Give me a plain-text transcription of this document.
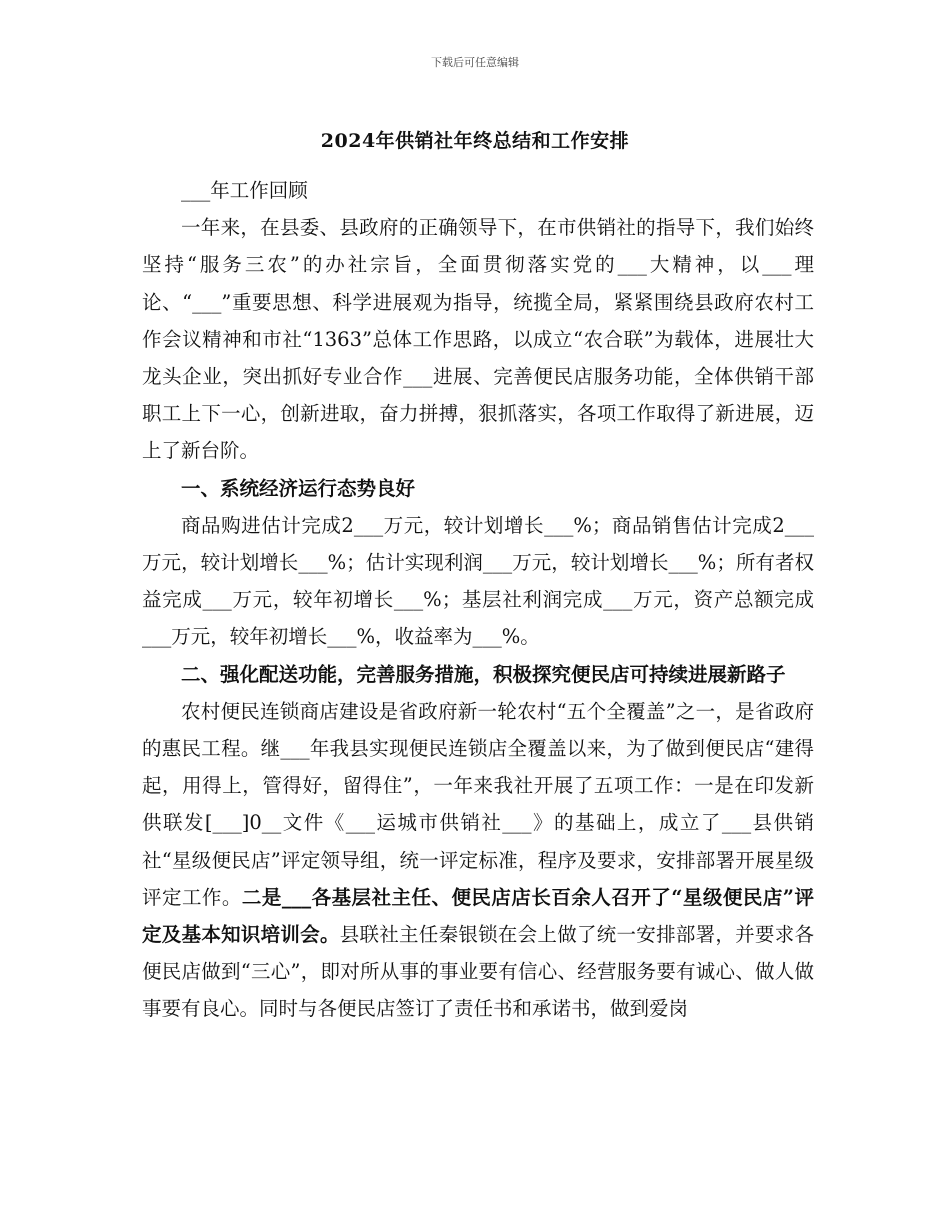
下载后可任意编辑
2024年供销社年终总结和工作安排

___年工作回顾

一年来，在县委、县政府的正确领导下，在市供销社的指导下，我们始终坚持“服务三农”的办社宗旨，全面贯彻落实党的___大精神，以___理论、“___”重要思想、科学进展观为指导，统揽全局，紧紧围绕县政府农村工作会议精神和市社“1363”总体工作思路，以成立“农合联”为载体，进展壮大龙头企业，突出抓好专业合作___进展、完善便民店服务功能，全体供销干部职工上下一心，创新进取，奋力拼搏，狠抓落实，各项工作取得了新进展，迈上了新台阶。

一、系统经济运行态势良好

商品购进估计完成2___万元，较计划增长___%；商品销售估计完成2___万元，较计划增长___%；估计实现利润___万元，较计划增长___%；所有者权益完成___万元，较年初增长___%；基层社利润完成___万元，资产总额完成___万元，较年初增长___%，收益率为___%。

二、强化配送功能，完善服务措施，积极探究便民店可持续进展新路子

农村便民连锁商店建设是省政府新一轮农村“五个全覆盖”之一，是省政府的惠民工程。继___年我县实现便民连锁店全覆盖以来，为了做到便民店“建得起，用得上，管得好，留得住”，一年来我社开展了五项工作：一是在印发新供联发[___]0__文件《___运城市供销社___》的基础上，成立了___县供销社“星级便民店”评定领导组，统一评定标准，程序及要求，安排部署开展星级评定工作。二是___各基层社主任、便民店店长百余人召开了“星级便民店”评定及基本知识培训会。县联社主任秦银锁在会上做了统一安排部署，并要求各便民店做到“三心”，即对所从事的事业要有信心、经营服务要有诚心、做人做事要有良心。同时与各便民店签订了责任书和承诺书，做到爱岗
